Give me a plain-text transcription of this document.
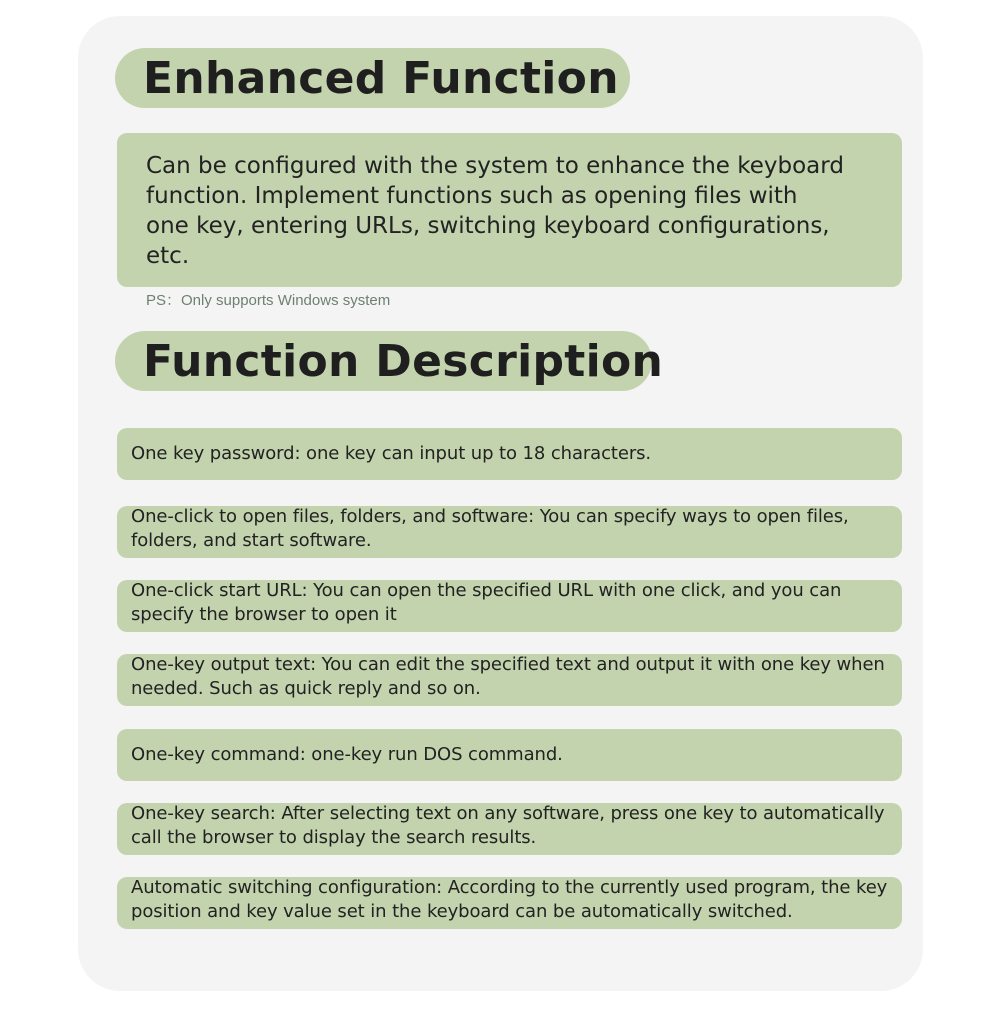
Enhanced Function
Can be configured with the system to enhance the keyboard function. Implement functions such as opening files with one key, entering URLs, switching keyboard configurations, etc.
PS：Only supports Windows system
Function Description
One key password: one key can input up to 18 characters.
One-click to open files, folders, and software: You can specify ways to open files, folders, and start software.
One-click start URL: You can open the specified URL with one click, and you can specify the browser to open it
One-key output text: You can edit the specified text and output it with one key when needed. Such as quick reply and so on.
One-key command: one-key run DOS command.
One-key search: After selecting text on any software, press one key to automatically call the browser to display the search results.
Automatic switching configuration: According to the currently used program, the key position and key value set in the keyboard can be automatically switched.
